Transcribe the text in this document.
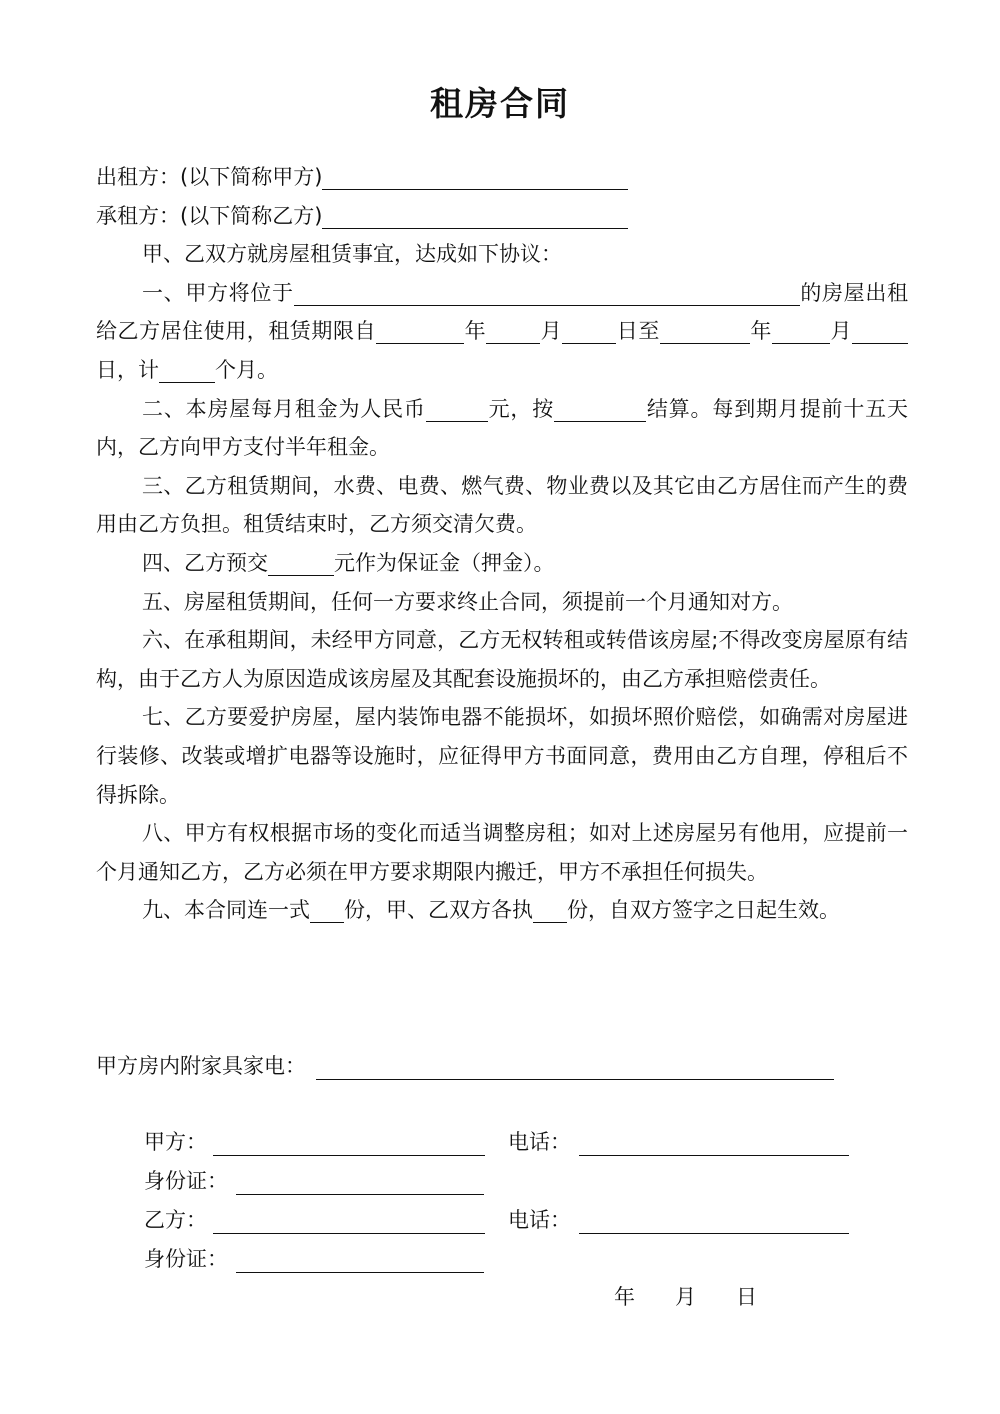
租房合同

出租方：(以下简称甲方)

承租方：(以下简称乙方)

甲、乙双方就房屋租赁事宜，达成如下协议：

一、甲方将位于	的房屋出租给乙方居住使用，租赁期限自	年	月	日至	年	月日，计	个月。

二、本房屋每月租金为人民币	元，按	结算。每到期月提前十五天内，乙方向甲方支付半年租金。

三、乙方租赁期间，水费、电费、燃气费、物业费以及其它由乙方居住而产生的费用由乙方负担。租赁结束时，乙方须交清欠费。

四、乙方预交	元作为保证金（押金）。

五、房屋租赁期间，任何一方要求终止合同，须提前一个月通知对方。

六、在承租期间，未经甲方同意，乙方无权转租或转借该房屋;不得改变房屋原有结构，由于乙方人为原因造成该房屋及其配套设施损坏的，由乙方承担赔偿责任。

七、乙方要爱护房屋，屋内装饰电器不能损坏，如损坏照价赔偿，如确需对房屋进行装修、改装或增扩电器等设施时，应征得甲方书面同意，费用由乙方自理，停租后不得拆除。

八、甲方有权根据市场的变化而适当调整房租；如对上述房屋另有他用，应提前一个月通知乙方，乙方必须在甲方要求期限内搬迁，甲方不承担任何损失。

九、本合同连一式 份，甲、乙双方各执 份，自双方签字之日起生效。

甲方房内附家具家电：
甲方：	电话：
身份证：
乙方：	电话：
身份证：
年 月 日
